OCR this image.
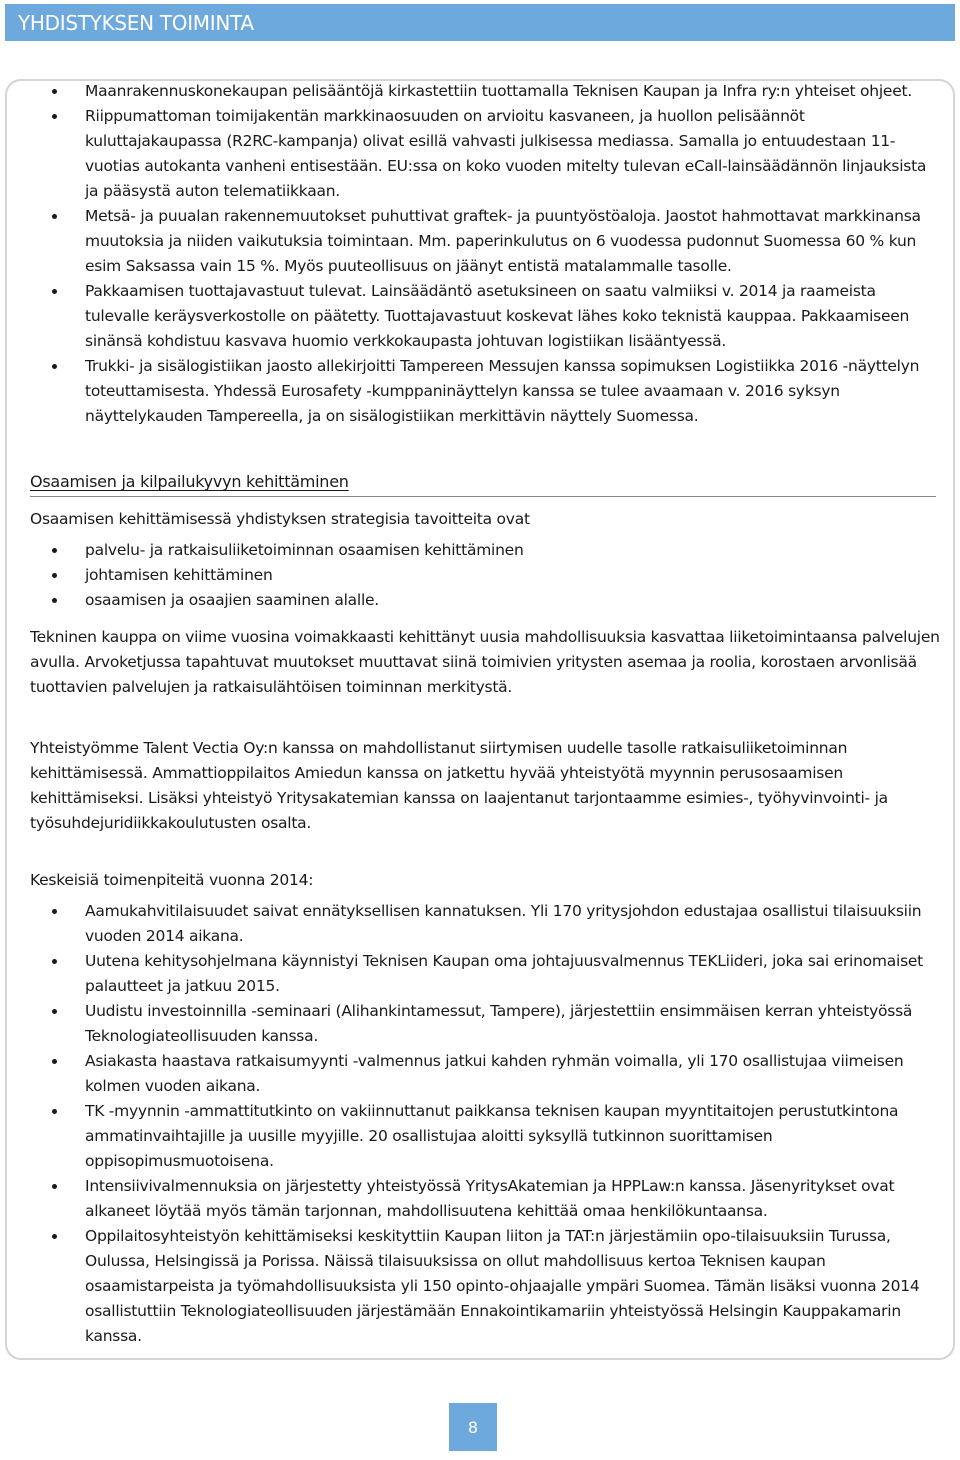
YHDISTYKSEN TOIMINTA
Maanrakennuskonekaupan pelisääntöjä kirkastettiin tuottamalla Teknisen Kaupan ja Infra ry:n yhteiset ohjeet.
Riippumattoman toimijakentän markkinaosuuden on arvioitu kasvaneen, ja huollon pelisäännöt kuluttajakaupassa (R2RC-kampanja) olivat esillä vahvasti julkisessa mediassa. Samalla jo entuudestaan 11-vuotias autokanta vanheni entisestään. EU:ssa on koko vuoden mitelty tulevan eCall-lainsäädännön linjauksista ja pääsystä auton telematiikkaan.
Metsä- ja puualan rakennemuutokset puhuttivat graftek- ja puuntyöstöaloja. Jaostot hahmottavat markkinansa muutoksia ja niiden vaikutuksia toimintaan. Mm. paperinkulutus on 6 vuodessa pudonnut Suomessa 60 % kun esim Saksassa vain 15 %. Myös puuteollisuus on jäänyt entistä matalammalle tasolle.
Pakkaamisen tuottajavastuut tulevat. Lainsäädäntö asetuksineen on saatu valmiiksi v. 2014 ja raameista tulevalle keräysverkostolle on päätetty. Tuottajavastuut koskevat lähes koko teknistä kauppaa. Pakkaamiseen sinänsä kohdistuu kasvava huomio verkkokaupasta johtuvan logistiikan lisääntyessä.
Trukki- ja sisälogistiikan jaosto allekirjoitti Tampereen Messujen kanssa sopimuksen Logistiikka 2016 -näyttelyn toteuttamisesta. Yhdessä Eurosafety -kumppaninäyttelyn kanssa se tulee avaamaan v. 2016 syksyn näyttelykauden Tampereella, ja on sisälogistiikan merkittävin näyttely Suomessa.
Osaamisen ja kilpailukyvyn kehittäminen

Osaamisen kehittämisessä yhdistyksen strategisia tavoitteita ovat

palvelu- ja ratkaisuliiketoiminnan osaamisen kehittäminen
johtamisen kehittäminen
osaamisen ja osaajien saaminen alalle.

Tekninen kauppa on viime vuosina voimakkaasti kehittänyt uusia mahdollisuuksia kasvattaa liiketoimintaansa palvelujen avulla. Arvoketjussa tapahtuvat muutokset muuttavat siinä toimivien yritysten asemaa ja roolia, korostaen arvonlisää tuottavien palvelujen ja ratkaisulähtöisen toiminnan merkitystä.

Yhteistyömme Talent Vectia Oy:n kanssa on mahdollistanut siirtymisen uudelle tasolle ratkaisuliiketoiminnan kehittämisessä. Ammattioppilaitos Amiedun kanssa on jatkettu hyvää yhteistyötä myynnin perusosaamisen kehittämiseksi. Lisäksi yhteistyö Yritysakatemian kanssa on laajentanut tarjontaamme esimies-, työhyvinvointi- ja työsuhdejuridiikkakoulutusten osalta.

Keskeisiä toimenpiteitä vuonna 2014:

Aamukahvitilaisuudet saivat ennätyksellisen kannatuksen. Yli 170 yritysjohdon edustajaa osallistui tilaisuuksiin vuoden 2014 aikana.
Uutena kehitysohjelmana käynnistyi Teknisen Kaupan oma johtajuusvalmennus TEKLiideri, joka sai erinomaiset palautteet ja jatkuu 2015.
Uudistu investoinnilla -seminaari (Alihankintamessut, Tampere), järjestettiin ensimmäisen kerran yhteistyössä Teknologiateollisuuden kanssa.
Asiakasta haastava ratkaisumyynti -valmennus jatkui kahden ryhmän voimalla, yli 170 osallistujaa viimeisen kolmen vuoden aikana.
TK -myynnin -ammattitutkinto on vakiinnuttanut paikkansa teknisen kaupan myyntitaitojen perustutkintona ammatinvaihtajille ja uusille myyjille. 20 osallistujaa aloitti syksyllä tutkinnon suorittamisen oppisopimusmuotoisena.
Intensiivivalmennuksia on järjestetty yhteistyössä YritysAkatemian ja HPPLaw:n kanssa. Jäsenyritykset ovat alkaneet löytää myös tämän tarjonnan, mahdollisuutena kehittää omaa henkilökuntaansa.
Oppilaitosyhteistyön kehittämiseksi keskityttiin Kaupan liiton ja TAT:n järjestämiin opo-tilaisuuksiin Turussa, Oulussa, Helsingissä ja Porissa. Näissä tilaisuuksissa on ollut mahdollisuus kertoa Teknisen kaupan osaamistarpeista ja työmahdollisuuksista yli 150 opinto-ohjaajalle ympäri Suomea. Tämän lisäksi vuonna 2014 osallistuttiin Teknologiateollisuuden järjestämään Ennakointikamariin yhteistyössä Helsingin Kauppakamarin kanssa.
8
